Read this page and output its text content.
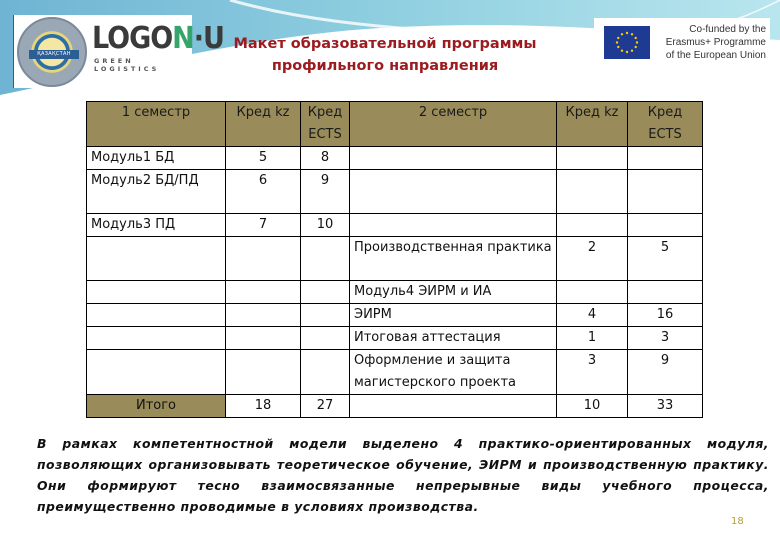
ҚАЗАҚСТАН LOGON·U
GREEN LOGISTICS
Макет образовательной программы
профильного направления
Co-funded by the
Erasmus+ Programme
of the European Union
1 семестр	Кред kz	Кред ECTS	2 семестр	Кред kz	Кред ECTS
Модуль1 БД	5	8			
Модуль2 БД/ПД	6	9			
Модуль3 ПД	7	10			
			Производственная практика	2	5
			Модуль4 ЭИРМ и ИА		
			ЭИРМ	4	16
			Итоговая аттестация	1	3
			Оформление и защита магистерского проекта	3	9
Итого	18	27		10	33
В рамках компетентностной модели выделено 4 практико-ориентированных модуля, позволяющих организовывать теоретическое обучение, ЭИРМ и производственную практику. Они формируют тесно взаимосвязанные непрерывные виды учебного процесса, преимущественно проводимые в условиях производства.
18
